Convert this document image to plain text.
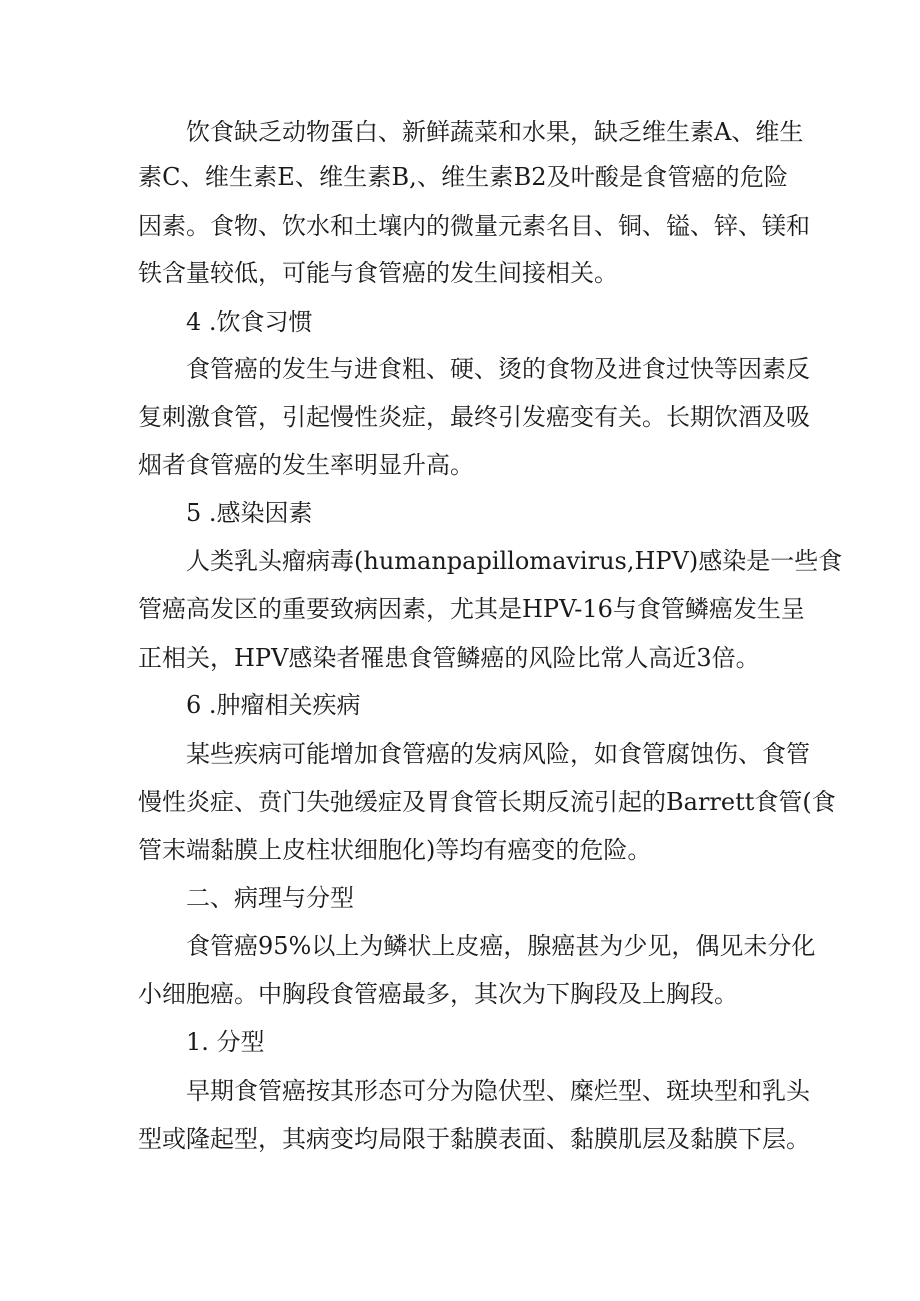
饮食缺乏动物蛋白、新鲜蔬菜和水果，缺乏维生素A、维生
素C、维生素E、维生素B,、维生素B2及叶酸是食管癌的危险
因素。食物、饮水和土壤内的微量元素名目、铜、镒、锌、镁和
铁含量较低，可能与食管癌的发生间接相关。
4 .饮食习惯
食管癌的发生与进食粗、硬、烫的食物及进食过快等因素反
复刺激食管，引起慢性炎症，最终引发癌变有关。长期饮酒及吸
烟者食管癌的发生率明显升高。
5 .感染因素
人类乳头瘤病毒(humanpapillomavirus,HPV)感染是一些食
管癌高发区的重要致病因素，尤其是HPV-16与食管鳞癌发生呈
正相关，HPV感染者罹患食管鳞癌的风险比常人高近3倍。
6 .肿瘤相关疾病
某些疾病可能增加食管癌的发病风险，如食管腐蚀伤、食管
慢性炎症、贲门失弛缓症及胃食管长期反流引起的Barrett食管(食
管末端黏膜上皮柱状细胞化)等均有癌变的危险。
二、病理与分型
食管癌95%以上为鳞状上皮癌，腺癌甚为少见，偶见未分化
小细胞癌。中胸段食管癌最多，其次为下胸段及上胸段。
1. 分型
早期食管癌按其形态可分为隐伏型、糜烂型、斑块型和乳头
型或隆起型，其病变均局限于黏膜表面、黏膜肌层及黏膜下层。
